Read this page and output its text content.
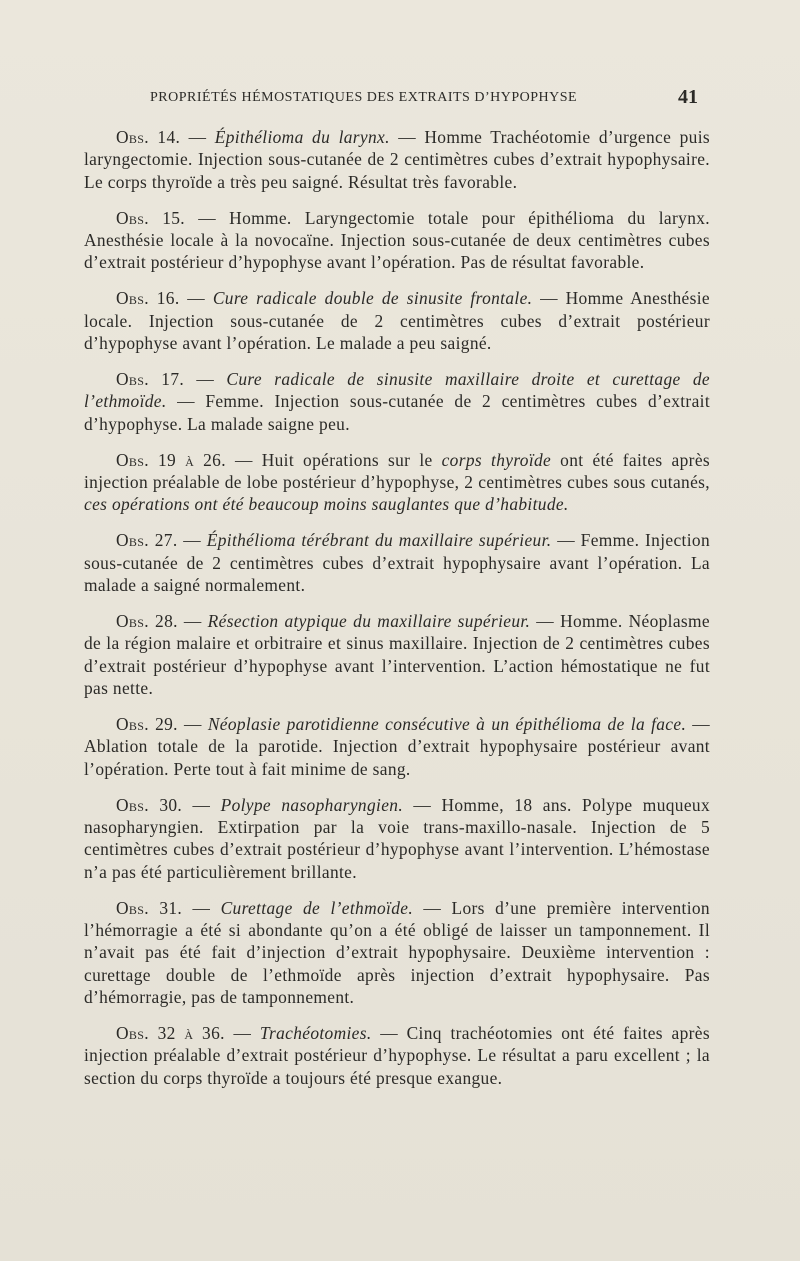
PROPRIÉTÉS HÉMOSTATIQUES DES EXTRAITS D’HYPOPHYSE	41

Obs. 14. — Épithélioma du larynx. — Homme Trachéotomie d’urgence puis laryngectomie. Injection sous-cutanée de 2 centimètres cubes d’extrait hypophysaire. Le corps thyroïde a très peu saigné. Résultat très favorable.

Obs. 15. — Homme. Laryngectomie totale pour épithélioma du larynx. Anesthésie locale à la novocaïne. Injection sous-cutanée de deux centimètres cubes d’extrait postérieur d’hypophyse avant l’opération. Pas de résultat favorable.

Obs. 16. — Cure radicale double de sinusite frontale. — Homme Anesthésie locale. Injection sous-cutanée de 2 centimètres cubes d’extrait postérieur d’hypophyse avant l’opération. Le malade a peu saigné.

Obs. 17. — Cure radicale de sinusite maxillaire droite et curettage de l’ethmoïde. — Femme. Injection sous-cutanée de 2 centimètres cubes d’extrait d’hypophyse. La malade saigne peu.

Obs. 19 à 26. — Huit opérations sur le corps thyroïde ont été faites après injection préalable de lobe postérieur d’hypophyse, 2 centimètres cubes sous cutanés, ces opérations ont été beaucoup moins sauglantes que d’habitude.

Obs. 27. — Épithélioma térébrant du maxillaire supérieur. — Femme. Injection sous-cutanée de 2 centimètres cubes d’extrait hypophysaire avant l’opération. La malade a saigné normalement.

Obs. 28. — Résection atypique du maxillaire supérieur. — Homme. Néoplasme de la région malaire et orbitraire et sinus maxillaire. Injection de 2 centimètres cubes d’extrait postérieur d’hypophyse avant l’intervention. L’action hémostatique ne fut pas nette.

Obs. 29. — Néoplasie parotidienne consécutive à un épithélioma de la face. — Ablation totale de la parotide. Injection d’extrait hypophysaire postérieur avant l’opération. Perte tout à fait minime de sang.

Obs. 30. — Polype nasopharyngien. — Homme, 18 ans. Polype muqueux nasopharyngien. Extirpation par la voie trans-maxillo-nasale. Injection de 5 centimètres cubes d’extrait postérieur d’hypophyse avant l’intervention. L’hémostase n’a pas été particulièrement brillante.

Obs. 31. — Curettage de l’ethmoïde. — Lors d’une première intervention l’hémorragie a été si abondante qu’on a été obligé de laisser un tamponnement. Il n’avait pas été fait d’injection d’extrait hypophysaire. Deuxième intervention : curettage double de l’ethmoïde après injection d’extrait hypophysaire. Pas d’hémorragie, pas de tamponnement.

Obs. 32 à 36. — Trachéotomies. — Cinq trachéotomies ont été faites après injection préalable d’extrait postérieur d’hypophyse. Le résultat a paru excellent ; la section du corps thyroïde a toujours été presque exangue.
